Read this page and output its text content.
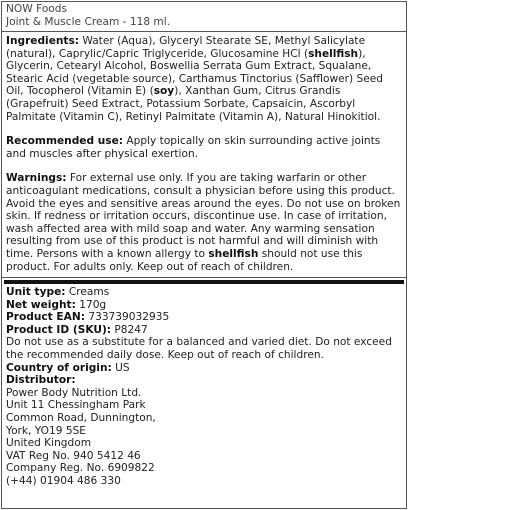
NOW Foods
Joint & Muscle Cream - 118 ml.

Ingredients: Water (Aqua), Glyceryl Stearate SE, Methyl Salicylate (natural), Caprylic/Capric Triglyceride, Glucosamine HCl (shellfish), Glycerin, Cetearyl Alcohol, Boswellia Serrata Gum Extract, Squalane, Stearic Acid (vegetable source), Carthamus Tinctorius (Safflower) Seed Oil, Tocopherol (Vitamin E) (soy), Xanthan Gum, Citrus Grandis (Grapefruit) Seed Extract, Potassium Sorbate, Capsaicin, Ascorbyl Palmitate (Vitamin C), Retinyl Palmitate (Vitamin A), Natural Hinokitiol.

Recommended use: Apply topically on skin surrounding active joints and muscles after physical exertion.

Warnings: For external use only. If you are taking warfarin or other anticoagulant medications, consult a physician before using this product. Avoid the eyes and sensitive areas around the eyes. Do not use on broken skin. If redness or irritation occurs, discontinue use. In case of irritation, wash affected area with mild soap and water. Any warming sensation resulting from use of this product is not harmful and will diminish with time. Persons with a known allergy to shellfish should not use this product. For adults only. Keep out of reach of children.

Unit type: Creams
Net weight: 170g
Product EAN: 733739032935
Product ID (SKU): P8247
Do not use as a substitute for a balanced and varied diet. Do not exceed the recommended daily dose. Keep out of reach of children.
Country of origin: US
Distributor:
Power Body Nutrition Ltd.
Unit 11 Chessingham Park
Common Road, Dunnington,
York, YO19 5SE
United Kingdom
VAT Reg No. 940 5412 46
Company Reg. No. 6909822
(+44) 01904 486 330
